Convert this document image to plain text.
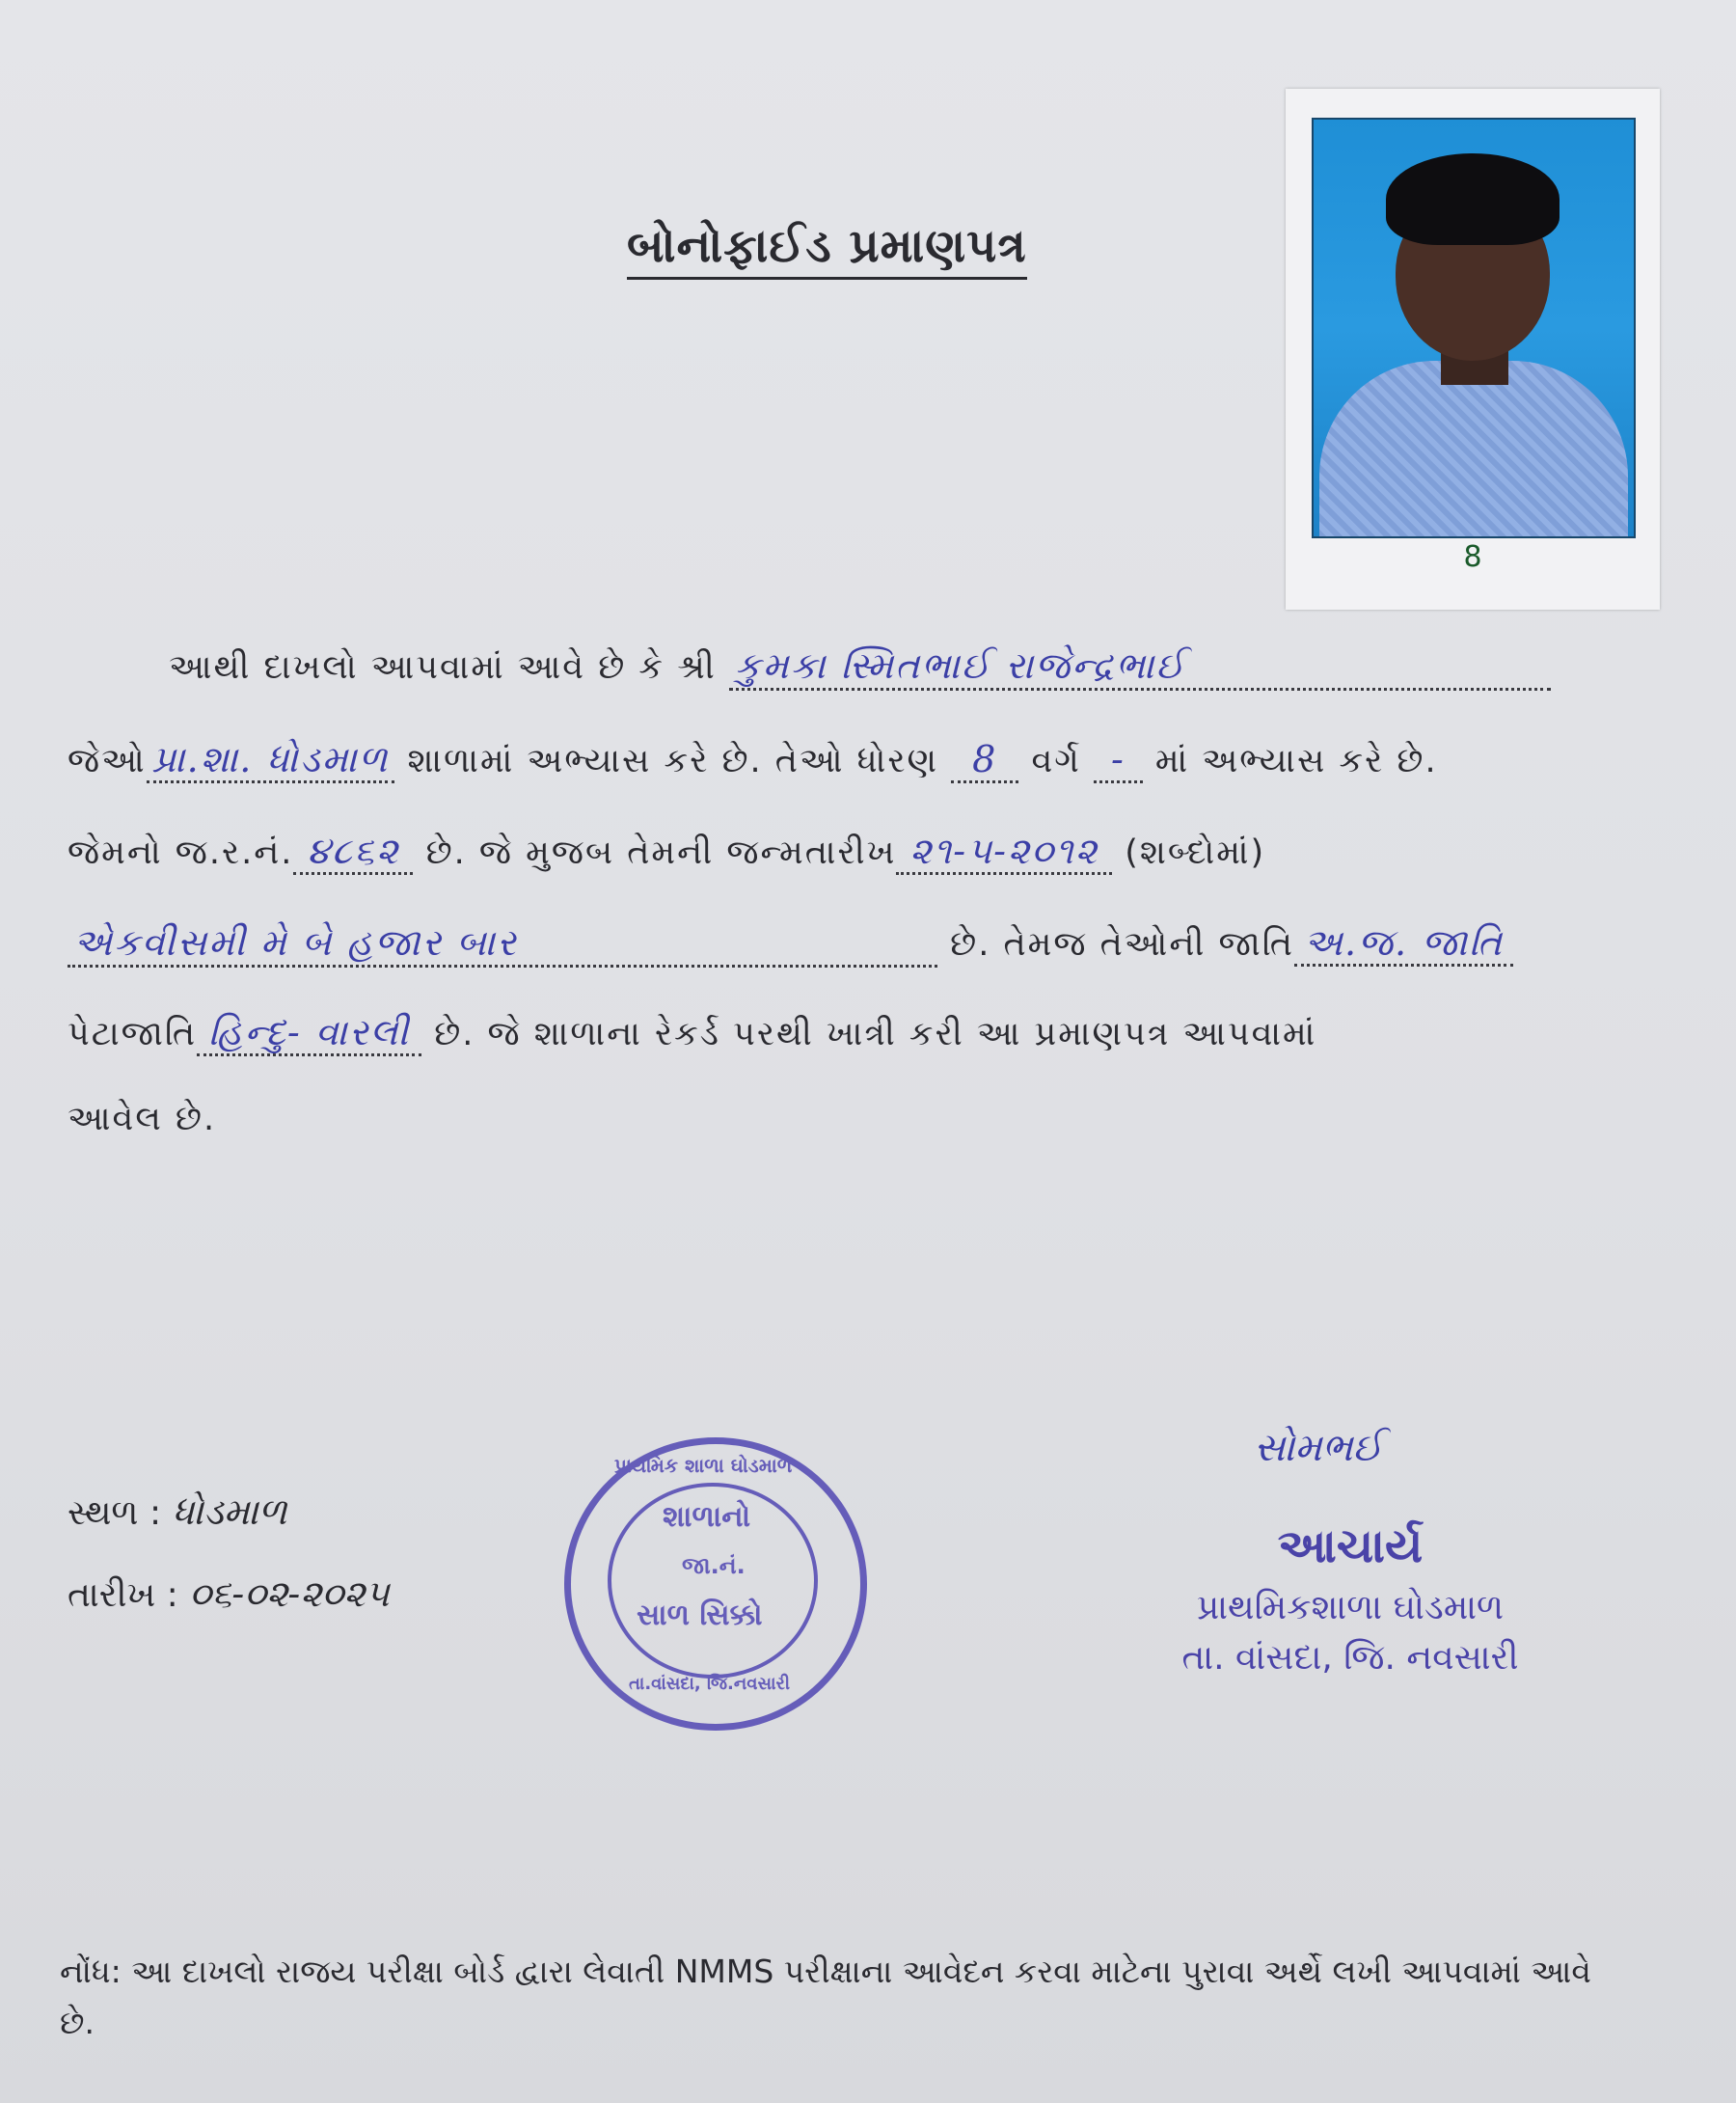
બોનોફાઈડ પ્રમાણપત્ર
8
આથી દાખલો આપવામાં આવે છે કે શ્રી કુમકા સ્મિતભાઈ રાજેન્દ્રભાઈ
જેઓ પ્રા.શા. ધોડમાળ શાળામાં અભ્યાસ કરે છે. તેઓ ધોરણ 8 વર્ગ - માં અભ્યાસ કરે છે.
જેમનો જ.ર.નં. ૪૮૬૨ છે. જે મુજબ તેમની જન્મતારીખ ૨૧-૫-૨૦૧૨ (શબ્દોમાં)
એકવીસમી મે બે હજાર બાર	છે. તેમજ તેઓની જાતિ અ.જ. જાતિ
પેટાજાતિ હિન્દુ- વારલી છે. જે શાળાના રેકર્ડ પરથી ખાત્રી કરી આ પ્રમાણપત્ર આપવામાં
આવેલ છે.
સ્થળ : ધોડમાળ
તારીખ : ૦૬-૦૨-૨૦૨૫
પ્રાથમિક શાળા ઘોડમાળ
શાળાનો
જા.નં.
સાળ સિક્કો
તા.વાંસદા, જિ.નવસારી
સોમભઈ
આચાર્ય
પ્રાથમિકશાળા ઘોડમાળ
તા. વાંસદા, જિ. નવસારી
નોંધ: આ દાખલો રાજય પરીક્ષા બોર્ડ દ્વારા લેવાતી NMMS પરીક્ષાના આવેદન કરવા માટેના પુરાવા અર્થે લખી આપવામાં આવે છે.
